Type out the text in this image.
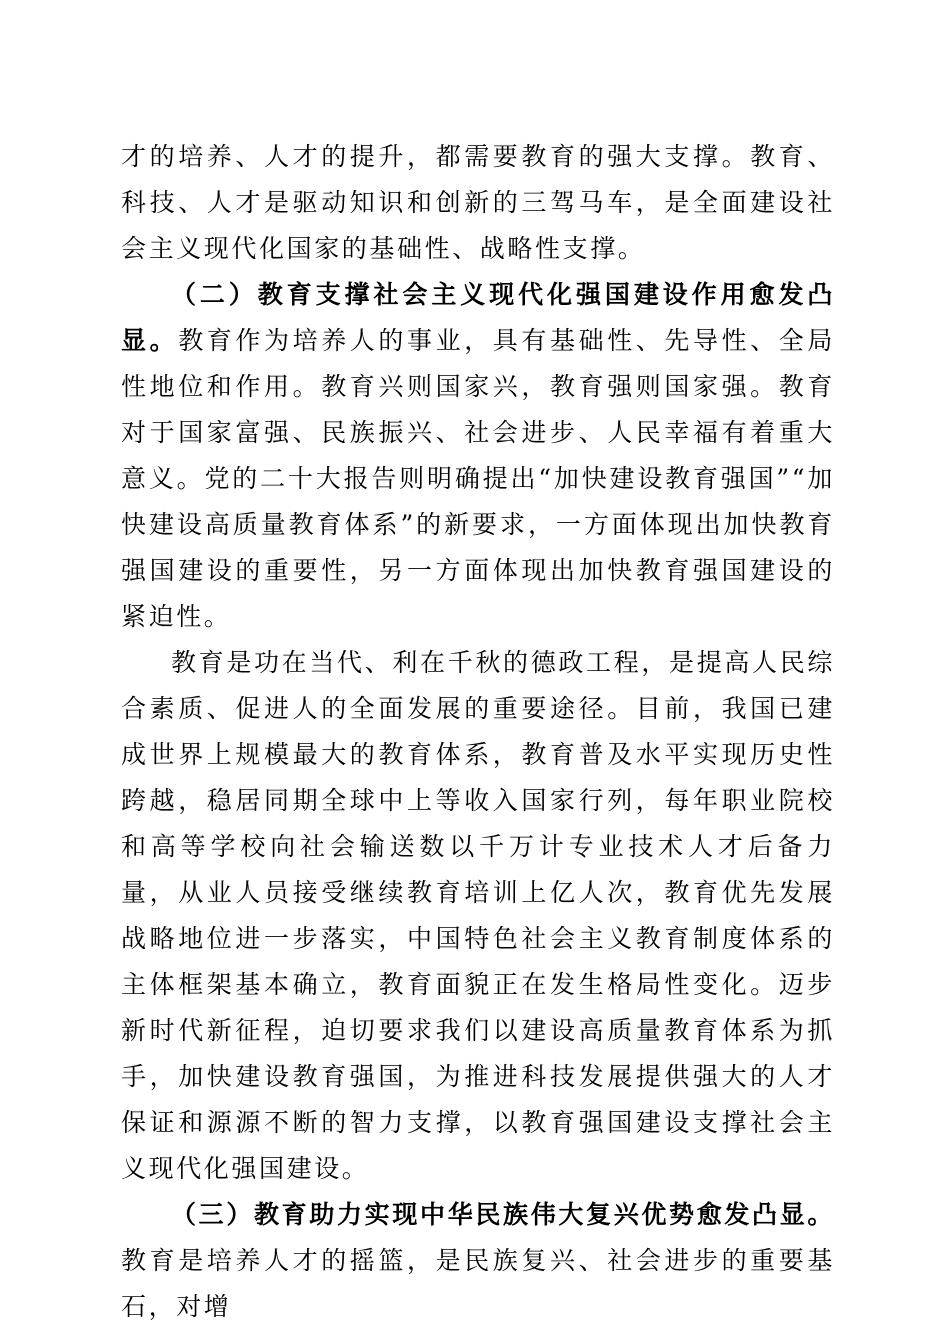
才的培养、人才的提升，都需要教育的强大支撑。教育、科技、人才是驱动知识和创新的三驾马车，是全面建设社会主义现代化国家的基础性、战略性支撑。

（二）教育支撑社会主义现代化强国建设作用愈发凸显。教育作为培养人的事业，具有基础性、先导性、全局性地位和作用。教育兴则国家兴，教育强则国家强。教育对于国家富强、民族振兴、社会进步、人民幸福有着重大意义。党的二十大报告则明确提出“加快建设教育强国”“加快建设高质量教育体系”的新要求，一方面体现出加快教育强国建设的重要性，另一方面体现出加快教育强国建设的紧迫性。

教育是功在当代、利在千秋的德政工程，是提高人民综合素质、促进人的全面发展的重要途径。目前，我国已建成世界上规模最大的教育体系，教育普及水平实现历史性跨越，稳居同期全球中上等收入国家行列，每年职业院校和高等学校向社会输送数以千万计专业技术人才后备力量，从业人员接受继续教育培训上亿人次，教育优先发展战略地位进一步落实，中国特色社会主义教育制度体系的主体框架基本确立，教育面貌正在发生格局性变化。迈步新时代新征程，迫切要求我们以建设高质量教育体系为抓手，加快建设教育强国，为推进科技发展提供强大的人才保证和源源不断的智力支撑，以教育强国建设支撑社会主义现代化强国建设。

（三）教育助力实现中华民族伟大复兴优势愈发凸显。教育是培养人才的摇篮，是民族复兴、社会进步的重要基石，对增
